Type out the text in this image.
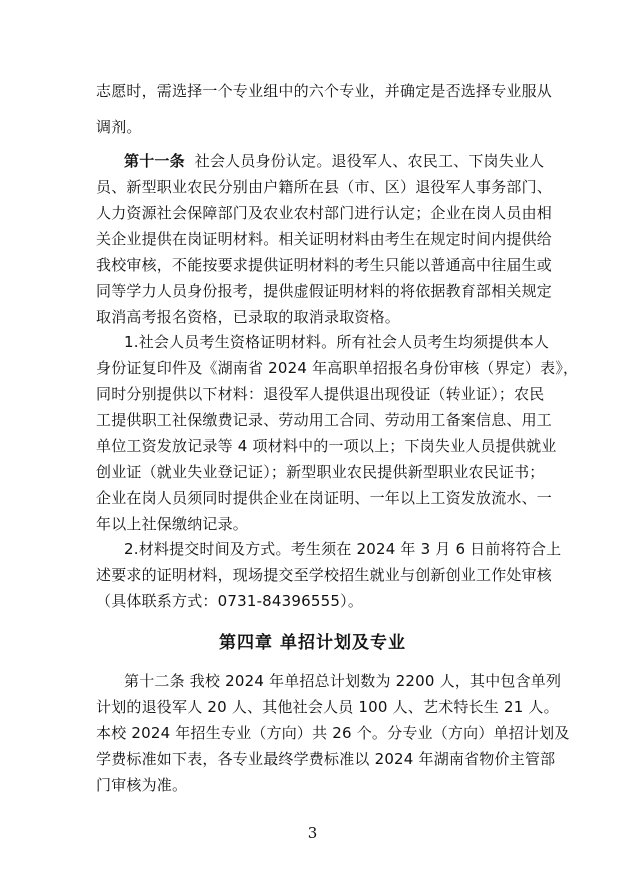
志愿时，需选择一个专业组中的六个专业，并确定是否选择专业服从
调剂。
第十一条 社会人员身份认定。退役军人、农民工、下岗失业人
员、新型职业农民分别由户籍所在县（市、区）退役军人事务部门、
人力资源社会保障部门及农业农村部门进行认定；企业在岗人员由相
关企业提供在岗证明材料。相关证明材料由考生在规定时间内提供给
我校审核，不能按要求提供证明材料的考生只能以普通高中往届生或
同等学力人员身份报考，提供虚假证明材料的将依据教育部相关规定
取消高考报名资格，已录取的取消录取资格。
1.社会人员考生资格证明材料。所有社会人员考生均须提供本人
身份证复印件及《湖南省 2024 年高职单招报名身份审核（界定）表》，
同时分别提供以下材料：退役军人提供退出现役证（转业证）；农民
工提供职工社保缴费记录、劳动用工合同、劳动用工备案信息、用工
单位工资发放记录等 4 项材料中的一项以上；下岗失业人员提供就业
创业证（就业失业登记证）；新型职业农民提供新型职业农民证书；
企业在岗人员须同时提供企业在岗证明、一年以上工资发放流水、一
年以上社保缴纳记录。
2.材料提交时间及方式。考生须在 2024 年 3 月 6 日前将符合上
述要求的证明材料，现场提交至学校招生就业与创新创业工作处审核
（具体联系方式：0731-84396555）。
第四章 单招计划及专业
第十二条 我校 2024 年单招总计划数为 2200 人，其中包含单列
计划的退役军人 20 人、其他社会人员 100 人、艺术特长生 21 人。
本校 2024 年招生专业（方向）共 26 个。分专业（方向）单招计划及
学费标准如下表，各专业最终学费标准以 2024 年湖南省物价主管部
门审核为准。
3
